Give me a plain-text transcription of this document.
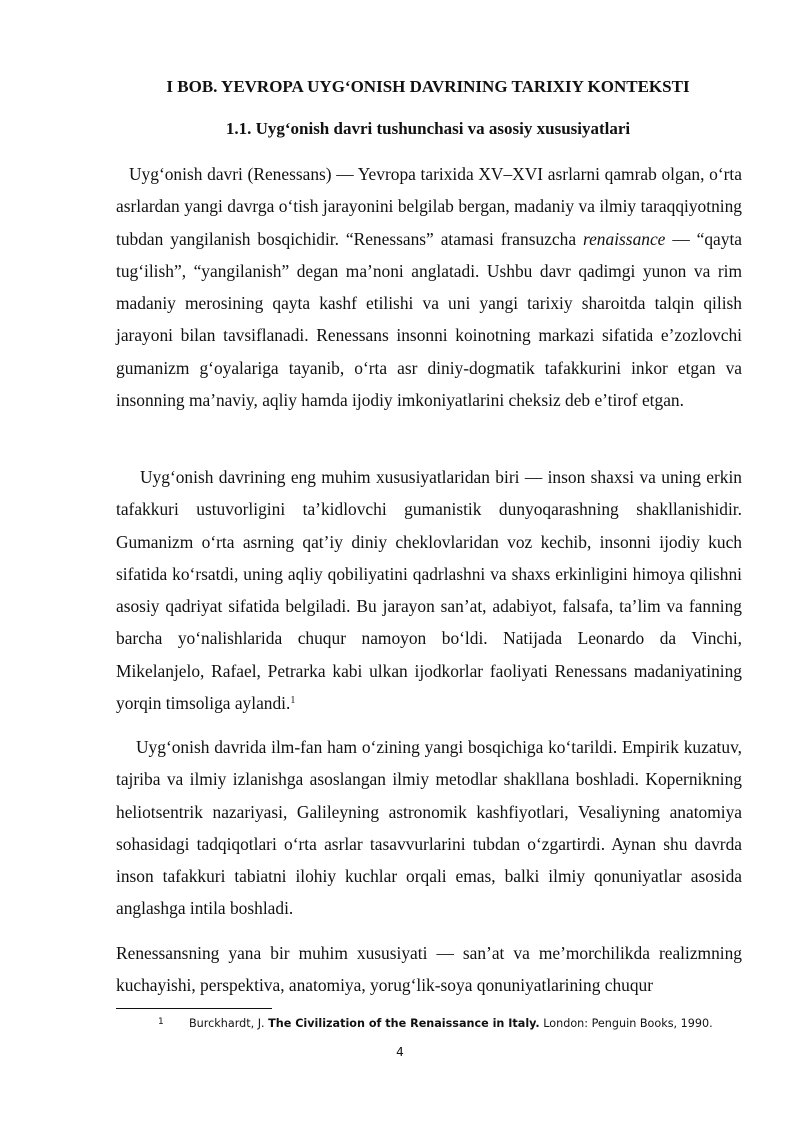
I BOB. YEVROPA UYG‘ONISH DAVRINING TARIXIY KONTEKSTI
1.1. Uyg‘onish davri tushunchasi va asosiy xususiyatlari

Uyg‘onish davri (Renessans) — Yevropa tarixida XV–XVI asrlarni qamrab olgan, o‘rta asrlardan yangi davrga o‘tish jarayonini belgilab bergan, madaniy va ilmiy taraqqiyotning tubdan yangilanish bosqichidir. “Renessans” atamasi fransuzcha renaissance — “qayta tug‘ilish”, “yangilanish” degan ma’noni anglatadi. Ushbu davr qadimgi yunon va rim madaniy merosining qayta kashf etilishi va uni yangi tarixiy sharoitda talqin qilish jarayoni bilan tavsiflanadi. Renessans insonni koinotning markazi sifatida e’zozlovchi gumanizm g‘oyalariga tayanib, o‘rta asr diniy-dogmatik tafakkurini inkor etgan va insonning ma’naviy, aqliy hamda ijodiy imkoniyatlarini cheksiz deb e’tirof etgan.

Uyg‘onish davrining eng muhim xususiyatlaridan biri — inson shaxsi va uning erkin tafakkuri ustuvorligini ta’kidlovchi gumanistik dunyoqarashning shakllanishidir. Gumanizm o‘rta asrning qat’iy diniy cheklovlaridan voz kechib, insonni ijodiy kuch sifatida ko‘rsatdi, uning aqliy qobiliyatini qadrlashni va shaxs erkinligini himoya qilishni asosiy qadriyat sifatida belgiladi. Bu jarayon san’at, adabiyot, falsafa, ta’lim va fanning barcha yo‘nalishlarida chuqur namoyon bo‘ldi. Natijada Leonardo da Vinchi, Mikelanjelo, Rafael, Petrarka kabi ulkan ijodkorlar faoliyati Renessans madaniyatining yorqin timsoliga aylandi.$^1$

Uyg‘onish davrida ilm-fan ham o‘zining yangi bosqichiga ko‘tarildi. Empirik kuzatuv, tajriba va ilmiy izlanishga asoslangan ilmiy metodlar shakllana boshladi. Kopernikning heliotsentrik nazariyasi, Galileyning astronomik kashfiyotlari, Vesaliyning anatomiya sohasidagi tadqiqotlari o‘rta asrlar tasavvurlarini tubdan o‘zgartirdi. Aynan shu davrda inson tafakkuri tabiatni ilohiy kuchlar orqali emas, balki ilmiy qonuniyatlar asosida anglashga intila boshladi.

Renessansning yana bir muhim xususiyati — san’at va me’morchilikda realizmning kuchayishi, perspektiva, anatomiya, yorug‘lik-soya qonuniyatlarining chuqur

1 Burckhardt, J. The Civilization of the Renaissance in Italy. London: Penguin Books, 1990.
4
